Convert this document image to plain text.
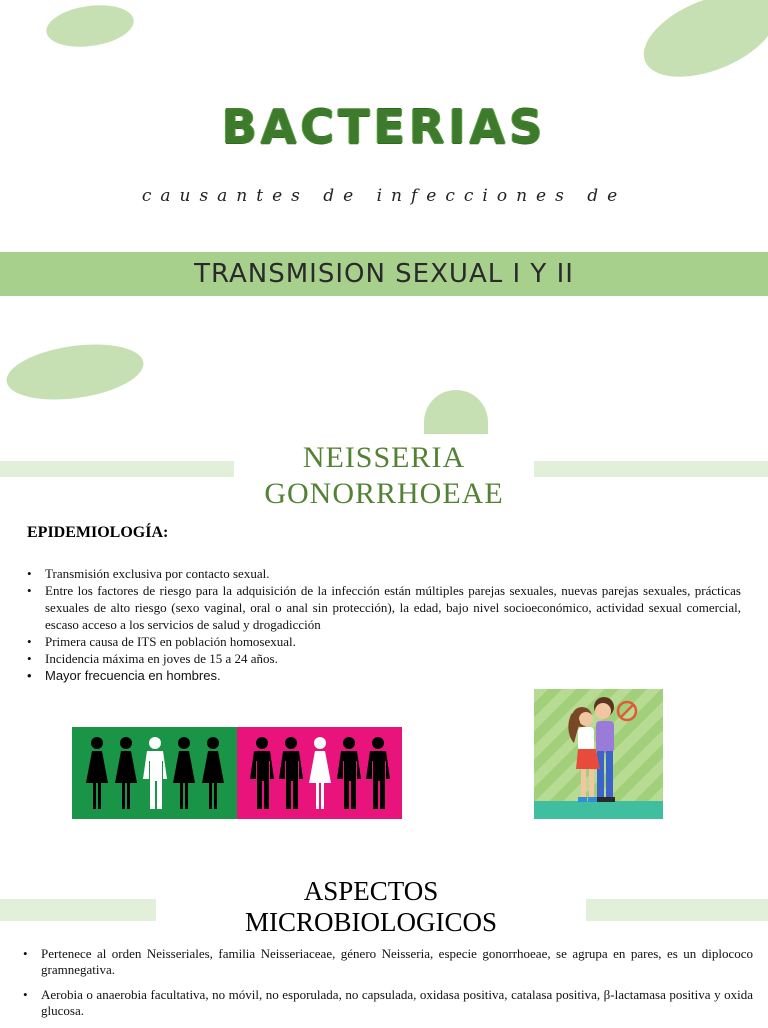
BACTERIAS
causantes de infecciones de
TRANSMISION SEXUAL I Y II
NEISSERIA
GONORRHOEAE
EPIDEMIOLOGÍA:
• Transmisión exclusiva por contacto sexual.
• Entre los factores de riesgo para la adquisición de la infección están múltiples parejas sexuales, nuevas parejas sexuales, prácticas sexuales de alto riesgo (sexo vaginal, oral o anal sin protección), la edad, bajo nivel socioeconómico, actividad sexual comercial, escaso acceso a los servicios de salud y drogadicción
• Primera causa de ITS en población homosexual.
• Incidencia máxima en joves de 15 a 24 años.
• Mayor frecuencia en hombres.
ASPECTOS
MICROBIOLOGICOS
• Pertenece al orden Neisseriales, familia Neisseriaceae, género Neisseria, especie gonorrhoeae, se agrupa en pares, es un diplococo gramnegativa.
• Aerobia o anaerobia facultativa, no móvil, no esporulada, no capsulada, oxidasa positiva, catalasa positiva, β-lactamasa positiva y oxida glucosa.
